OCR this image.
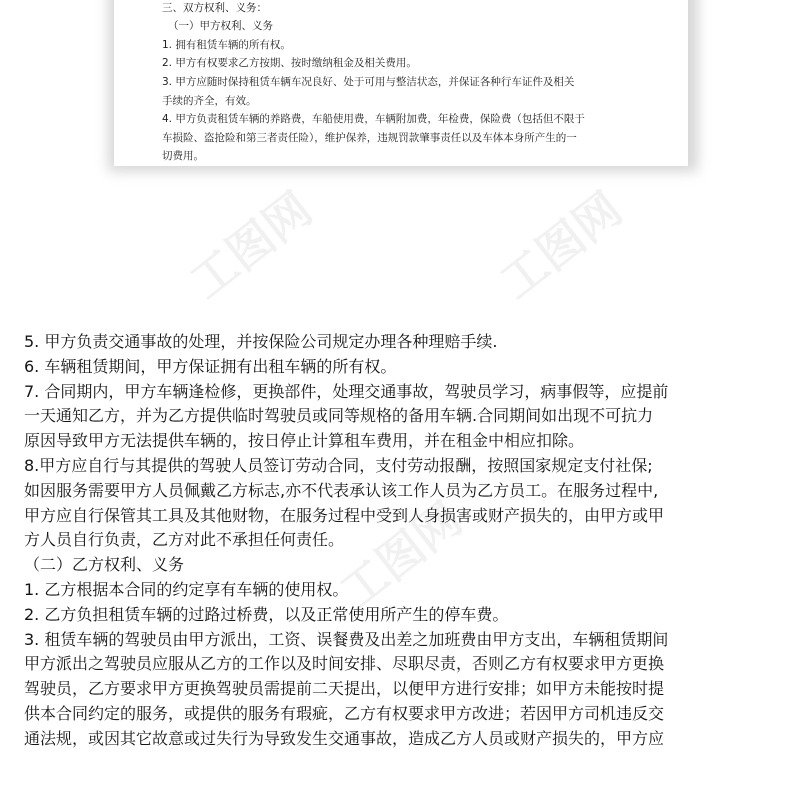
三、双方权利、义务：
（一）甲方权利、义务
1. 拥有租赁车辆的所有权。
2. 甲方有权要求乙方按期、按时缴纳租金及相关费用。
3. 甲方应随时保持租赁车辆车况良好、处于可用与整洁状态，并保证各种行车证件及相关
手续的齐全，有效。
4. 甲方负责租赁车辆的养路费，车船使用费，车辆附加费，年检费，保险费（包括但不限于
车损险、盗抢险和第三者责任险），维护保养，违规罚款肇事责任以及车体本身所产生的一
切费用。
工图网	工图网
工图网
5. 甲方负责交通事故的处理，并按保险公司规定办理各种理赔手续.
6. 车辆租赁期间，甲方保证拥有出租车辆的所有权。
7. 合同期内，甲方车辆逢检修，更换部件，处理交通事故，驾驶员学习，病事假等，应提前
一天通知乙方，并为乙方提供临时驾驶员或同等规格的备用车辆.合同期间如出现不可抗力
原因导致甲方无法提供车辆的，按日停止计算租车费用，并在租金中相应扣除。
8.甲方应自行与其提供的驾驶人员签订劳动合同，支付劳动报酬，按照国家规定支付社保;
如因服务需要甲方人员佩戴乙方标志,亦不代表承认该工作人员为乙方员工。在服务过程中,
甲方应自行保管其工具及其他财物，在服务过程中受到人身损害或财产损失的，由甲方或甲
方人员自行负责，乙方对此不承担任何责任。
（二）乙方权利、义务
1. 乙方根据本合同的约定享有车辆的使用权。
2. 乙方负担租赁车辆的过路过桥费，以及正常使用所产生的停车费。
3. 租赁车辆的驾驶员由甲方派出，工资、误餐费及出差之加班费由甲方支出，车辆租赁期间
甲方派出之驾驶员应服从乙方的工作以及时间安排、尽职尽责，否则乙方有权要求甲方更换
驾驶员，乙方要求甲方更换驾驶员需提前二天提出，以便甲方进行安排；如甲方未能按时提
供本合同约定的服务，或提供的服务有瑕疵，乙方有权要求甲方改进；若因甲方司机违反交
通法规，或因其它故意或过失行为导致发生交通事故，造成乙方人员或财产损失的，甲方应
